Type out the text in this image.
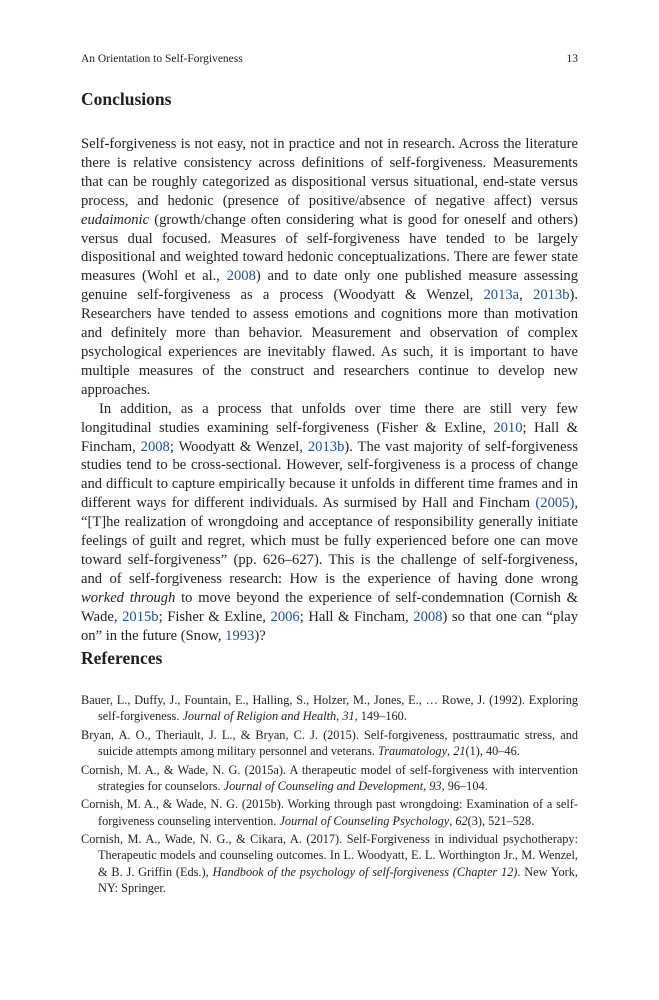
An Orientation to Self-Forgiveness	13
Conclusions

Self-forgiveness is not easy, not in practice and not in research. Across the literature there is relative consistency across definitions of self-forgiveness. Measurements that can be roughly categorized as dispositional versus situational, end-state versus process, and hedonic (presence of positive/absence of negative affect) versus eudaimonic (growth/change often considering what is good for oneself and others) versus dual focused. Measures of self-forgiveness have tended to be largely dispositional and weighted toward hedonic conceptualizations. There are fewer state measures (Wohl et al., 2008) and to date only one published measure assessing genuine self-forgiveness as a process (Woodyatt & Wenzel, 2013a, 2013b). Researchers have tended to assess emotions and cognitions more than motivation and definitely more than behavior. Measurement and observation of complex psychological experiences are inevitably flawed. As such, it is important to have multiple measures of the construct and researchers continue to develop new approaches.

In addition, as a process that unfolds over time there are still very few longitudinal studies examining self-forgiveness (Fisher & Exline, 2010; Hall & Fincham, 2008; Woodyatt & Wenzel, 2013b). The vast majority of self-forgiveness studies tend to be cross-sectional. However, self-forgiveness is a process of change and difficult to capture empirically because it unfolds in different time frames and in different ways for different individuals. As surmised by Hall and Fincham (2005), “[T]he realization of wrongdoing and acceptance of responsibility generally initiate feelings of guilt and regret, which must be fully experienced before one can move toward self-forgiveness” (pp. 626–627). This is the challenge of self-forgiveness, and of self-forgiveness research: How is the experience of having done wrong worked through to move beyond the experience of self-condemnation (Cornish & Wade, 2015b; Fisher & Exline, 2006; Hall & Fincham, 2008) so that one can “play on” in the future (Snow, 1993)?

References

Bauer, L., Duffy, J., Fountain, E., Halling, S., Holzer, M., Jones, E., … Rowe, J. (1992). Exploring self-forgiveness. Journal of Religion and Health, 31, 149–160.

Bryan, A. O., Theriault, J. L., & Bryan, C. J. (2015). Self-forgiveness, posttraumatic stress, and suicide attempts among military personnel and veterans. Traumatology, 21(1), 40–46.

Cornish, M. A., & Wade, N. G. (2015a). A therapeutic model of self-forgiveness with intervention strategies for counselors. Journal of Counseling and Development, 93, 96–104.

Cornish, M. A., & Wade, N. G. (2015b). Working through past wrongdoing: Examination of a self-forgiveness counseling intervention. Journal of Counseling Psychology, 62(3), 521–528.

Cornish, M. A., Wade, N. G., & Cikara, A. (2017). Self-Forgiveness in individual psychotherapy: Therapeutic models and counseling outcomes. In L. Woodyatt, E. L. Worthington Jr., M. Wenzel, & B. J. Griffin (Eds.), Handbook of the psychology of self-forgiveness (Chapter 12). New York, NY: Springer.
